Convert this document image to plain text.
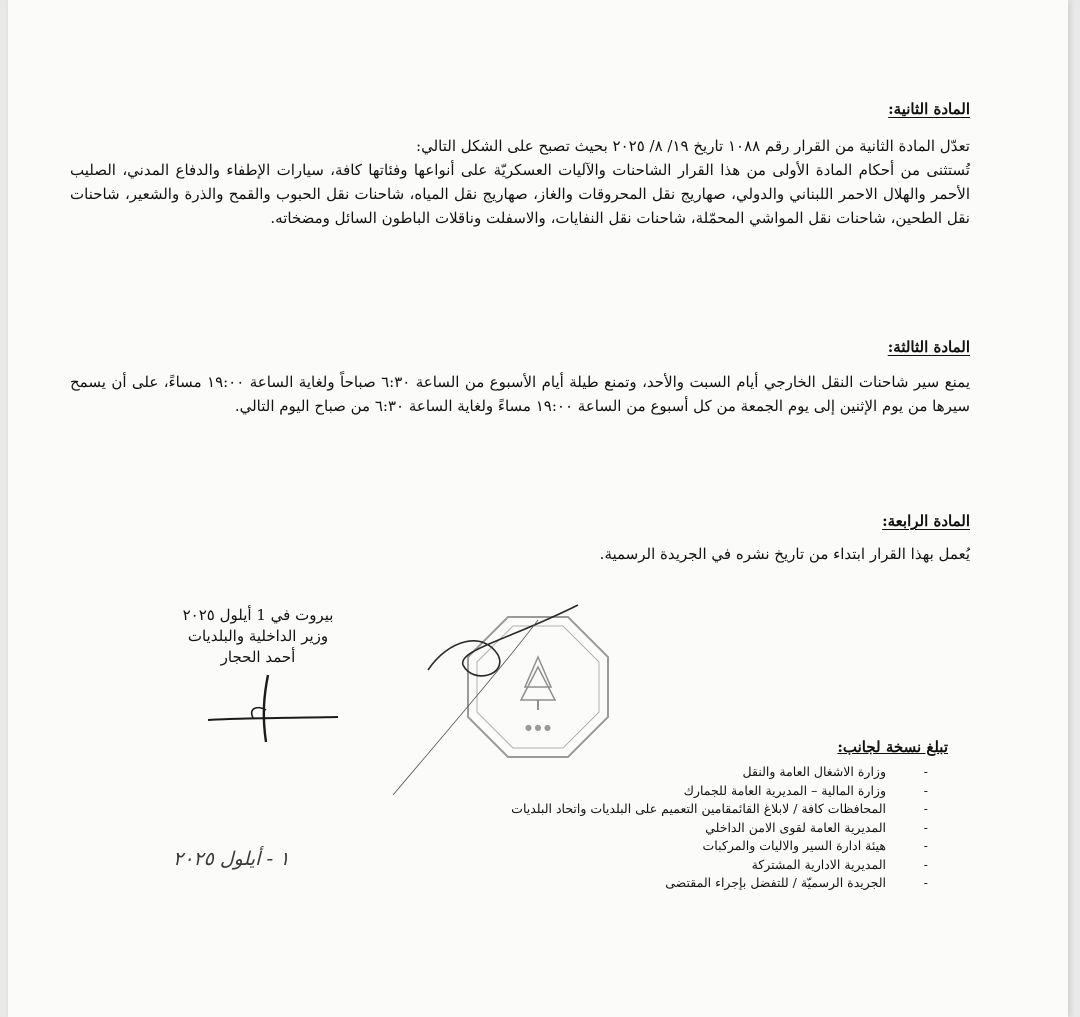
المادة الثانية:

تعدّل المادة الثانية من القرار رقم ١٠٨٨ تاريخ ١٩/ ٨/ ٢٠٢٥ بحيث تصبح على الشكل التالي:

تُستثنى من أحكام المادة الأولى من هذا القرار الشاحنات والآليات العسكريّة على أنواعها وفئاتها كافة، سيارات الإطفاء والدفاع المدني، الصليب الأحمر والهلال الاحمر اللبناني والدولي، صهاريج نقل المحروقات والغاز، صهاريج نقل المياه، شاحنات نقل الحبوب والقمح والذرة والشعير، شاحنات نقل الطحين، شاحنات نقل المواشي المحمّلة، شاحنات نقل النفايات، والاسفلت وناقلات الباطون السائل ومضخاته.

المادة الثالثة:
يمنع سير شاحنات النقل الخارجي أيام السبت والأحد، وتمنع طيلة أيام الأسبوع من الساعة ٦:٣٠ صباحاً ولغاية الساعة ١٩:٠٠ مساءً، على أن يسمح سيرها من يوم الإثنين إلى يوم الجمعة من كل أسبوع من الساعة ١٩:٠٠ مساءً ولغاية الساعة ٦:٣٠ من صباح اليوم التالي.
المادة الرابعة:
يُعمل بهذا القرار ابتداء من تاريخ نشره في الجريدة الرسمية.
بيروت في 1 أيلول ٢٠٢٥
وزير الداخلية والبلديات
أحمد الحجار
● ● ●
تبلغ نسخة لجانب:
-
وزارة الاشغال العامة والنقل
-
وزارة المالية – المديرية العامة للجمارك
-
المحافظات كافة / لابلاغ القائمقامين التعميم على البلديات واتحاد البلديات
-
المديرية العامة لقوى الامن الداخلي
-
هيئة ادارة السير والاليات والمركبات
-
المديرية الادارية المشتركة
-
الجريدة الرسميّة / للتفضل بإجراء المقتضى
١ - أيلول ٢٠٢٥
